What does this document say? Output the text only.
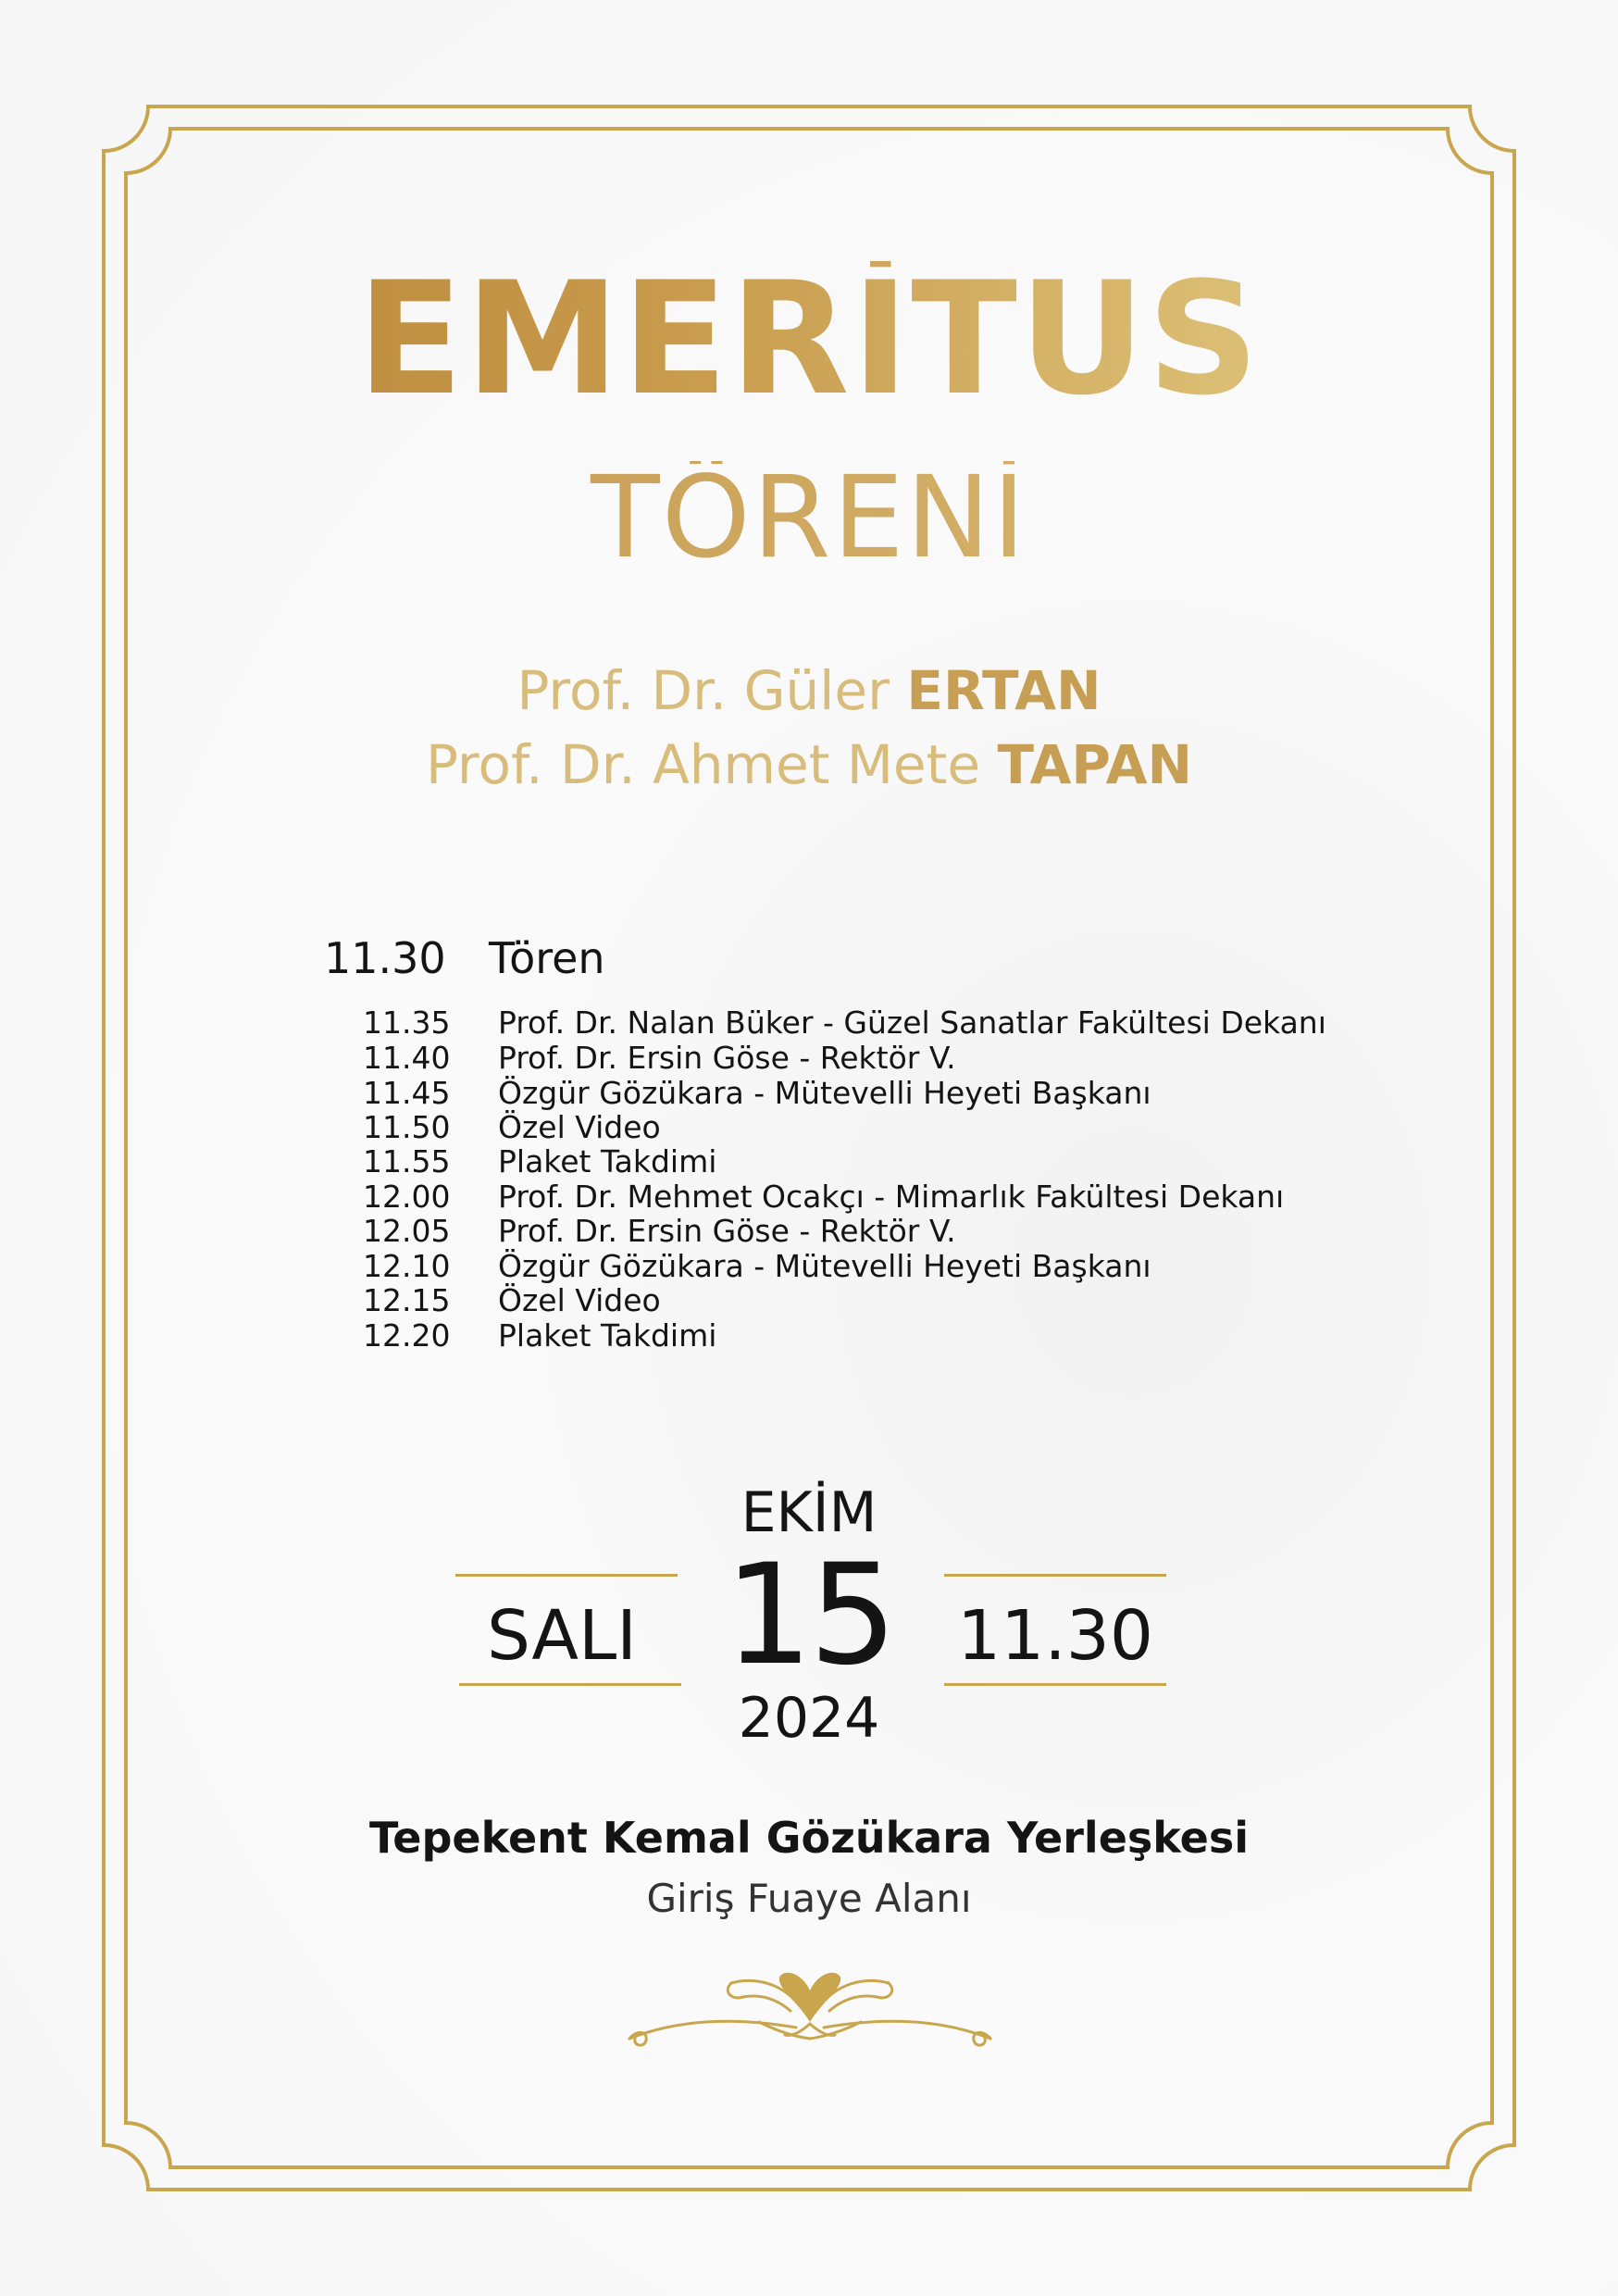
EMERİTUS
TÖRENİ
Prof. Dr. Güler ERTAN
Prof. Dr. Ahmet Mete TAPAN
11.30 Tören
11.35 Prof. Dr. Nalan Büker - Güzel Sanatlar Fakültesi Dekanı
11.40 Prof. Dr. Ersin Göse - Rektör V.
11.45 Özgür Gözükara - Mütevelli Heyeti Başkanı
11.50 Özel Video
11.55 Plaket Takdimi
12.00 Prof. Dr. Mehmet Ocakçı - Mimarlık Fakültesi Dekanı
12.05 Prof. Dr. Ersin Göse - Rektör V.
12.10 Özgür Gözükara - Mütevelli Heyeti Başkanı
12.15 Özel Video
12.20 Plaket Takdimi
EKİM
15
2024
SALI	11.30
Tepekent Kemal Gözükara Yerleşkesi
Giriş Fuaye Alanı
